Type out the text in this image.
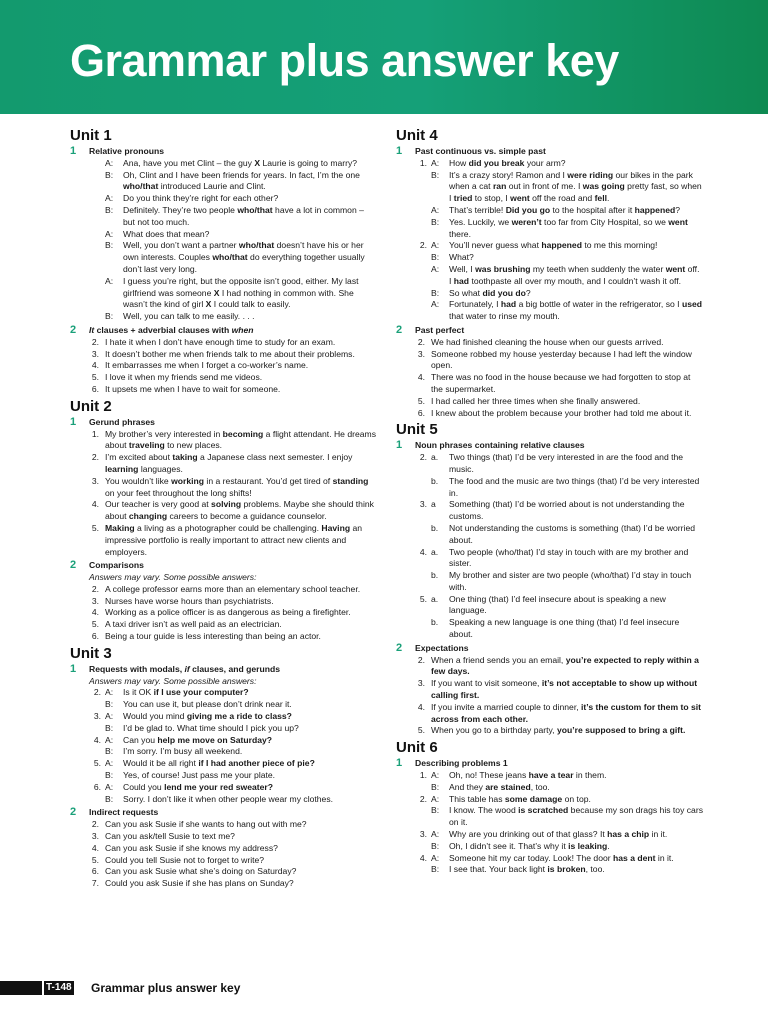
Grammar plus answer key
Unit 1
1 Relative pronouns
A:	Ana, have you met Clint – the guy X Laurie is going to marry?
B:	Oh, Clint and I have been friends for years. In fact, I’m the one who/that introduced Laurie and Clint.
A:	Do you think they’re right for each other?
B:	Definitely. They’re two people who/that have a lot in common – but not too much.
A:	What does that mean?
B:	Well, you don’t want a partner who/that doesn’t have his or her own interests. Couples who/that do everything together usually don’t last very long.
A:	I guess you’re right, but the opposite isn’t good, either. My last girlfriend was someone X I had nothing in common with. She wasn’t the kind of girl X I could talk to easily.
B:	Well, you can talk to me easily. . . .
2 It clauses + adverbial clauses with when
2. I hate it when I don’t have enough time to study for an exam.
3. It doesn’t bother me when friends talk to me about their problems.
4. It embarrasses me when I forget a co-worker’s name.
5. I love it when my friends send me videos.
6. It upsets me when I have to wait for someone.
Unit 2
1 Gerund phrases
1. My brother’s very interested in becoming a flight attendant. He dreams about traveling to new places.
2. I’m excited about taking a Japanese class next semester. I enjoy learning languages.
3. You wouldn’t like working in a restaurant. You’d get tired of standing on your feet throughout the long shifts!
4. Our teacher is very good at solving problems. Maybe she should think about changing careers to become a guidance counselor.
5. Making a living as a photographer could be challenging. Having an impressive portfolio is really important to attract new clients and employers.
2 Comparisons
Answers may vary. Some possible answers:
2. A college professor earns more than an elementary school teacher.
3. Nurses have worse hours than psychiatrists.
4. Working as a police officer is as dangerous as being a firefighter.
5. A taxi driver isn’t as well paid as an electrician.
6. Being a tour guide is less interesting than being an actor.
Unit 3
1 Requests with modals, if clauses, and gerunds
Answers may vary. Some possible answers:
2. A:	Is it OK if I use your computer?
B:	You can use it, but please don’t drink near it.
3. A:	Would you mind giving me a ride to class?
B:	I’d be glad to. What time should I pick you up?
4. A:	Can you help me move on Saturday?
B:	I’m sorry. I’m busy all weekend.
5. A:	Would it be all right if I had another piece of pie?
B:	Yes, of course! Just pass me your plate.
6. A:	Could you lend me your red sweater?
B:	Sorry. I don’t like it when other people wear my clothes.
2 Indirect requests
2. Can you ask Susie if she wants to hang out with me?
3. Can you ask/tell Susie to text me?
4. Can you ask Susie if she knows my address?
5. Could you tell Susie not to forget to write?
6. Can you ask Susie what she’s doing on Saturday?
7. Could you ask Susie if she has plans on Sunday?
Unit 4
1 Past continuous vs. simple past
1. A:	How did you break your arm?
B:	It’s a crazy story! Ramon and I were riding our bikes in the park when a cat ran out in front of me. I was going pretty fast, so when I tried to stop, I went off the road and fell.
A:	That’s terrible! Did you go to the hospital after it happened?
B:	Yes. Luckily, we weren’t too far from City Hospital, so we went there.
2. A:	You’ll never guess what happened to me this morning!
B:	What?
A:	Well, I was brushing my teeth when suddenly the water went off. I had toothpaste all over my mouth, and I couldn’t wash it off.
B:	So what did you do?
A:	Fortunately, I had a big bottle of water in the refrigerator, so I used that water to rinse my mouth.
2 Past perfect
2. We had finished cleaning the house when our guests arrived.
3. Someone robbed my house yesterday because I had left the window open.
4. There was no food in the house because we had forgotten to stop at the supermarket.
5. I had called her three times when she finally answered.
6. I knew about the problem because your brother had told me about it.
Unit 5
1 Noun phrases containing relative clauses
2. a.	Two things (that) I’d be very interested in are the food and the music.
b.	The food and the music are two things (that) I’d be very interested in.
3. a	Something (that) I’d be worried about is not understanding the customs.
b.	Not understanding the customs is something (that) I’d be worried about.
4. a.	Two people (who/that) I’d stay in touch with are my brother and sister.
b.	My brother and sister are two people (who/that) I’d stay in touch with.
5. a.	One thing (that) I’d feel insecure about is speaking a new language.
b.	Speaking a new language is one thing (that) I’d feel insecure about.
2 Expectations
2. When a friend sends you an email, you’re expected to reply within a few days.
3. If you want to visit someone, it’s not acceptable to show up without calling first.
4. If you invite a married couple to dinner, it’s the custom for them to sit across from each other.
5. When you go to a birthday party, you’re supposed to bring a gift.
Unit 6
1 Describing problems 1
1. A:	Oh, no! These jeans have a tear in them.
B:	And they are stained, too.
2. A:	This table has some damage on top.
B:	I know. The wood is scratched because my son drags his toy cars on it.
3. A:	Why are you drinking out of that glass? It has a chip in it.
B:	Oh, I didn’t see it. That’s why it is leaking.
4. A:	Someone hit my car today. Look! The door has a dent in it.
B:	I see that. Your back light is broken, too.
T-148 Grammar plus answer key
